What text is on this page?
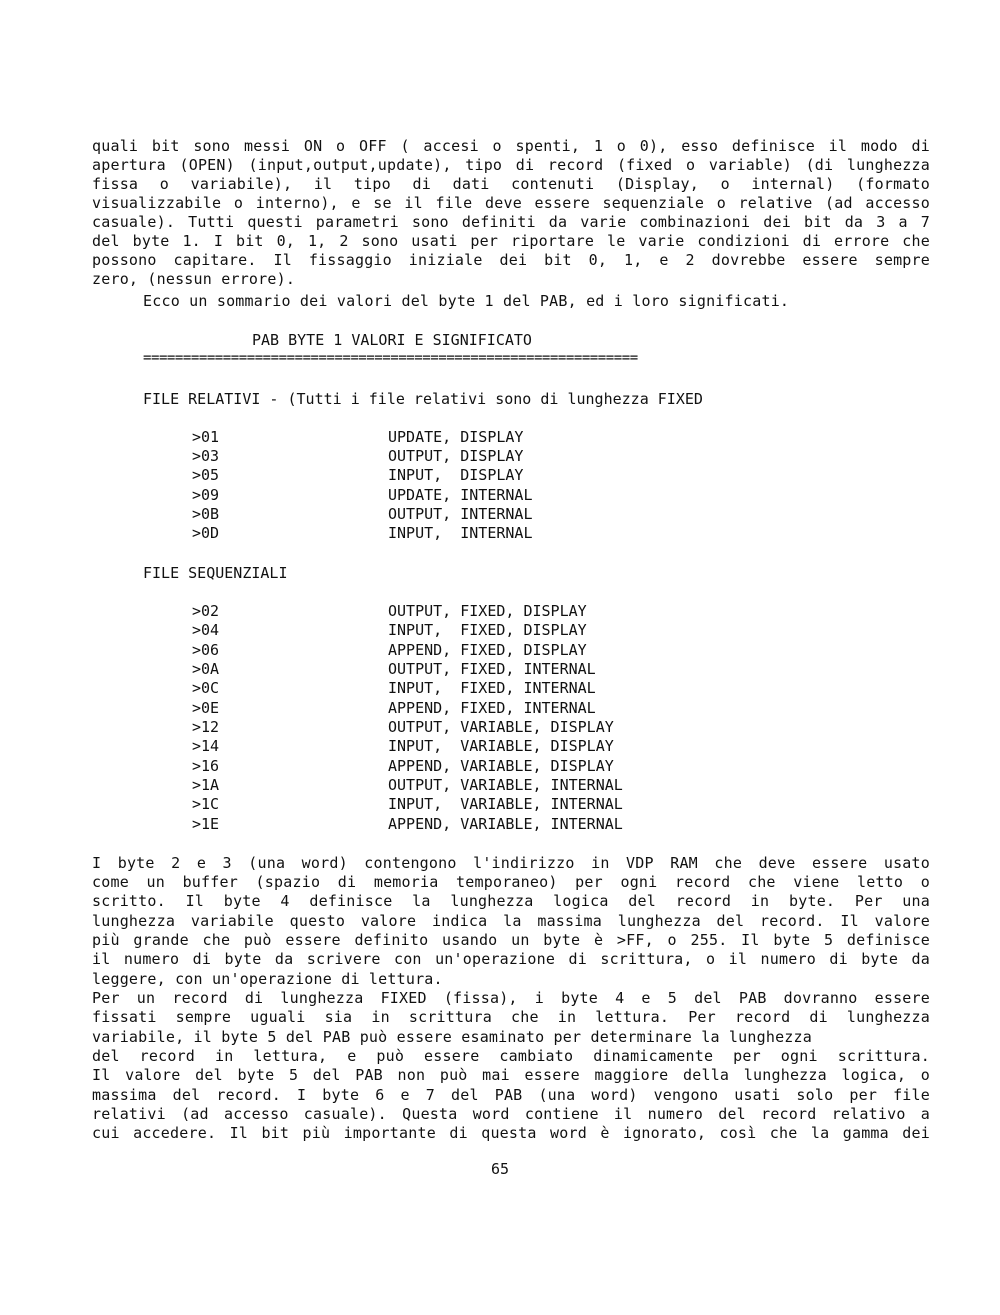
quali bit sono messi ON o OFF ( accesi o spenti, 1 o 0), esso definisce il modo di
apertura (OPEN) (input,output,update), tipo di record (fixed o variable) (di lunghezza
fissa o variabile), il tipo di dati contenuti (Display, o internal) (formato
visualizzabile o interno), e se il file deve essere sequenziale o relative (ad accesso
casuale). Tutti questi parametri sono definiti da varie combinazioni dei bit da 3 a 7
del byte 1. I bit 0, 1, 2 sono usati per riportare le varie condizioni di errore che
possono capitare. Il fissaggio iniziale dei bit 0, 1, e 2 dovrebbe essere sempre
zero, (nessun errore).
Ecco un sommario dei valori del byte 1 del PAB, ed i loro significati.
PAB BYTE 1 VALORI E SIGNIFICATO
==============================================================
FILE RELATIVI - (Tutti i file relativi sono di lunghezza FIXED
>01	UPDATE, DISPLAY
>03	OUTPUT, DISPLAY
>05	INPUT,  DISPLAY
>09	UPDATE, INTERNAL
>0B	OUTPUT, INTERNAL
>0D	INPUT,  INTERNAL
FILE SEQUENZIALI
>02	OUTPUT, FIXED, DISPLAY
>04	INPUT,  FIXED, DISPLAY
>06	APPEND, FIXED, DISPLAY
>0A	OUTPUT, FIXED, INTERNAL
>0C	INPUT,  FIXED, INTERNAL
>0E	APPEND, FIXED, INTERNAL
>12	OUTPUT, VARIABLE, DISPLAY
>14	INPUT,  VARIABLE, DISPLAY
>16	APPEND, VARIABLE, DISPLAY
>1A	OUTPUT, VARIABLE, INTERNAL
>1C	INPUT,  VARIABLE, INTERNAL
>1E	APPEND, VARIABLE, INTERNAL
I byte 2 e 3 (una word) contengono l'indirizzo in VDP RAM che deve essere usato
come un buffer (spazio di memoria temporaneo) per ogni record che viene letto o
scritto. Il byte 4 definisce la lunghezza logica del record in byte. Per una
lunghezza variabile questo valore indica la massima lunghezza del record. Il valore
più grande che può essere definito usando un byte è >FF, o 255. Il byte 5 definisce
il numero di byte da scrivere con un'operazione di scrittura, o il numero di byte da
leggere, con un'operazione di lettura.
Per un record di lunghezza FIXED (fissa), i byte 4 e 5 del PAB dovranno essere
fissati sempre uguali sia in scrittura che in lettura. Per record di lunghezza
variabile, il byte 5 del PAB può essere esaminato per determinare la lunghezza
del record in lettura, e può essere cambiato dinamicamente per ogni scrittura.
Il valore del byte 5 del PAB non può mai essere maggiore della lunghezza logica, o
massima del record. I byte 6 e 7 del PAB (una word) vengono usati solo per file
relativi (ad accesso casuale). Questa word contiene il numero del record relativo a
cui accedere. Il bit più importante di questa word è ignorato, così che la gamma dei
65
